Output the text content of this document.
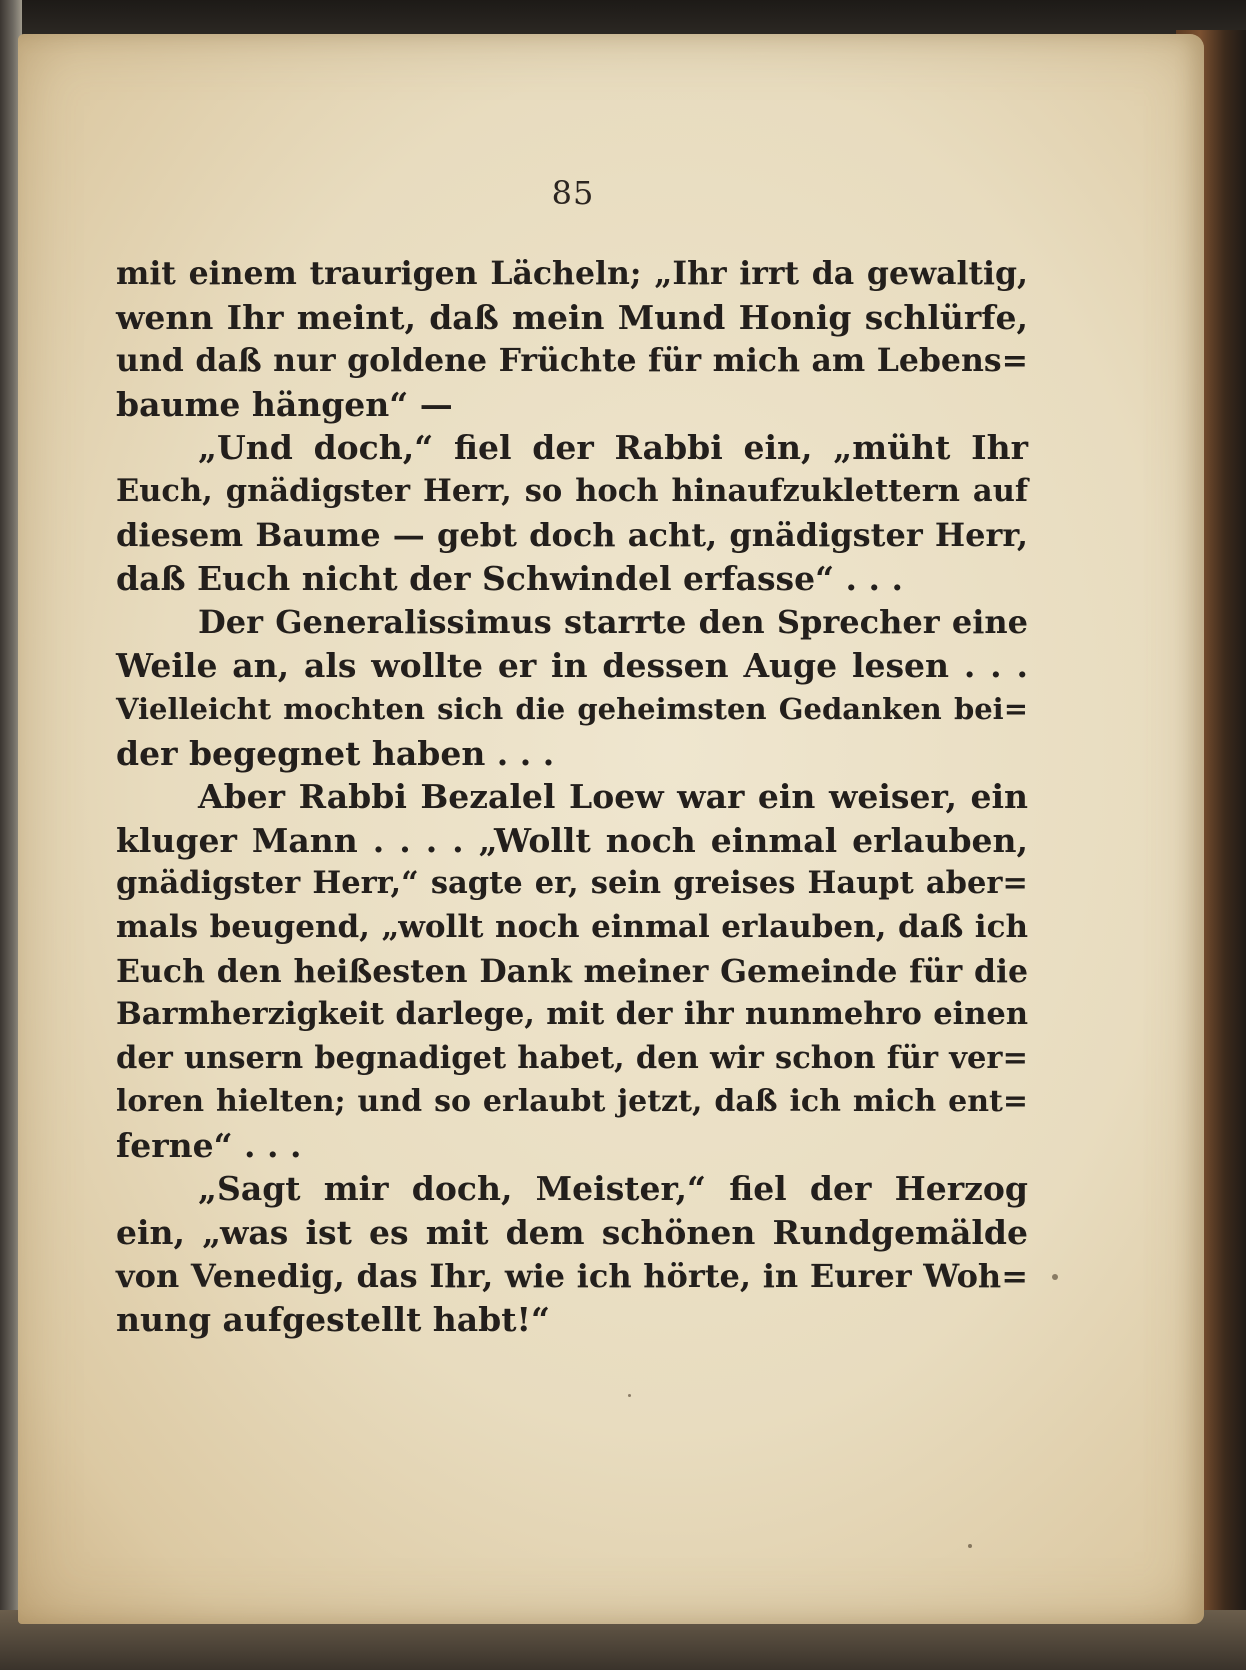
85
mit einem traurigen Lächeln; „Ihr irrt da gewaltig,
wenn Ihr meint, daß mein Mund Honig schlürfe,
und daß nur goldene Früchte für mich am Lebens=
baume hängen“ —
„Und doch,“ fiel der Rabbi ein, „müht Ihr
Euch, gnädigster Herr, so hoch hinaufzuklettern auf
diesem Baume — gebt doch acht, gnädigster Herr,
daß Euch nicht der Schwindel erfasse“ . . .
Der Generalissimus starrte den Sprecher eine
Weile an, als wollte er in dessen Auge lesen . . .
Vielleicht mochten sich die geheimsten Gedanken bei=
der begegnet haben . . .
Aber Rabbi Bezalel Loew war ein weiser, ein
kluger Mann . . . . „Wollt noch einmal erlauben,
gnädigster Herr,“ sagte er, sein greises Haupt aber=
mals beugend, „wollt noch einmal erlauben, daß ich
Euch den heißesten Dank meiner Gemeinde für die
Barmherzigkeit darlege, mit der ihr nunmehro einen
der unsern begnadiget habet, den wir schon für ver=
loren hielten; und so erlaubt jetzt, daß ich mich ent=
ferne“ . . .
„Sagt mir doch, Meister,“ fiel der Herzog
ein, „was ist es mit dem schönen Rundgemälde
von Venedig, das Ihr, wie ich hörte, in Eurer Woh=
nung aufgestellt habt!“
